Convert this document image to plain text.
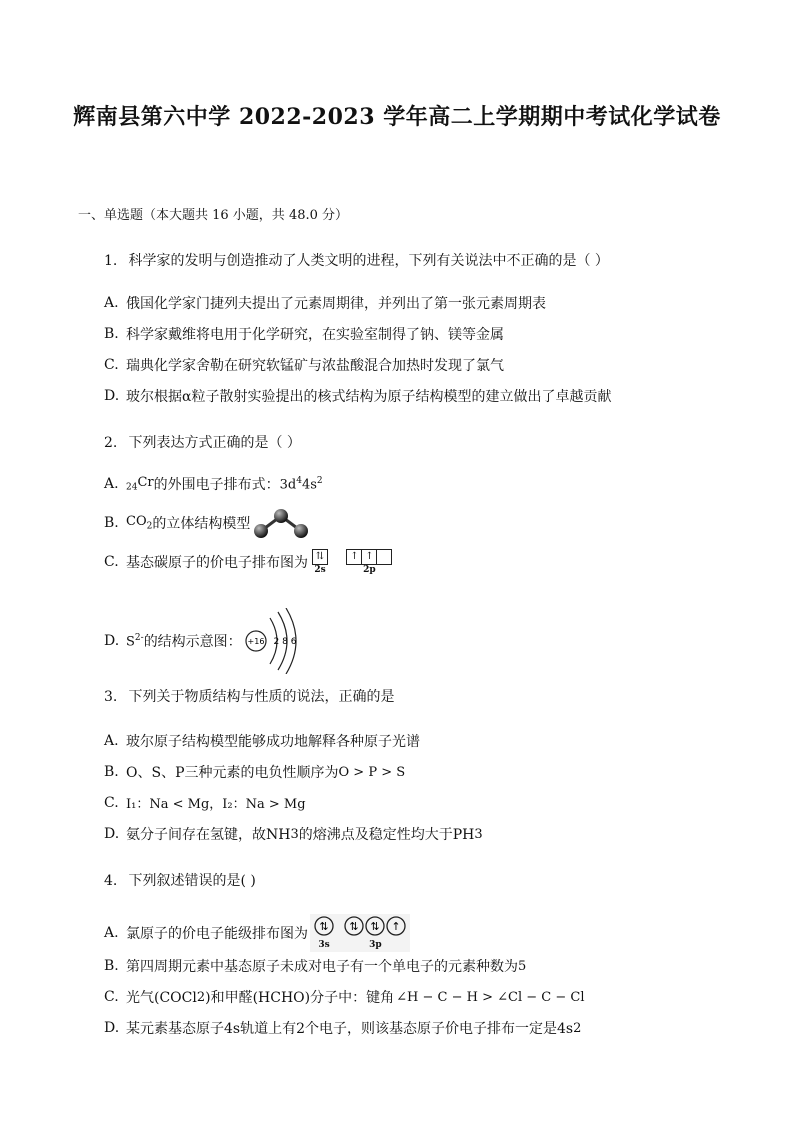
辉南县第六中学 2022-2023 学年高二上学期期中考试化学试卷
一、单选题（本大题共 16 小题，共 48.0 分）
1. 科学家的发明与创造推动了人类文明的进程，下列有关说法中不正确的是（ ）
A. 俄国化学家门捷列夫提出了元素周期律，并列出了第一张元素周期表
B. 科学家戴维将电用于化学研究，在实验室制得了钠、镁等金属
C. 瑞典化学家舍勒在研究软锰矿与浓盐酸混合加热时发现了氯气
D. 玻尔根据α粒子散射实验提出的核式结构为原子结构模型的建立做出了卓越贡献
2. 下列表达方式正确的是（ ）
A. $_{24}$Cr 的外围电子排布式： $3d^44s^2$
B. $CO_2$ 的立体结构模型
C. 基态碳原子的价电子排布图为 ⇅
2s
↑ ↑
2p
D. $S^{2-}$ 的结构示意图： +16 2 8 6
3. 下列关于物质结构与性质的说法，正确的是
A. 玻尔原子结构模型能够成功地解释各种原子光谱
B. O、S、P三种元素的电负性顺序为 O > P > S
C. I₁：Na < Mg，I₂：Na > Mg
D. 氨分子间存在氢键，故NH 3 的熔沸点及稳定性均大于PH 3
4. 下列叙述错误的是( )
A. 氯原子的价电子能级排布图为 ⇅
3s

⇅ ⇅ ↑
3p
B. 第四周期元素中基态原子未成对电子有一个单电子的元素种数为 5
C. 光气(COCl 2 )和甲醛(HCHO)分子中：键角 ∠H − C − H > ∠Cl − C − Cl
D. 某元素基态原子4s轨道上有2个电子，则该基态原子价电子排布一定是4s 2
